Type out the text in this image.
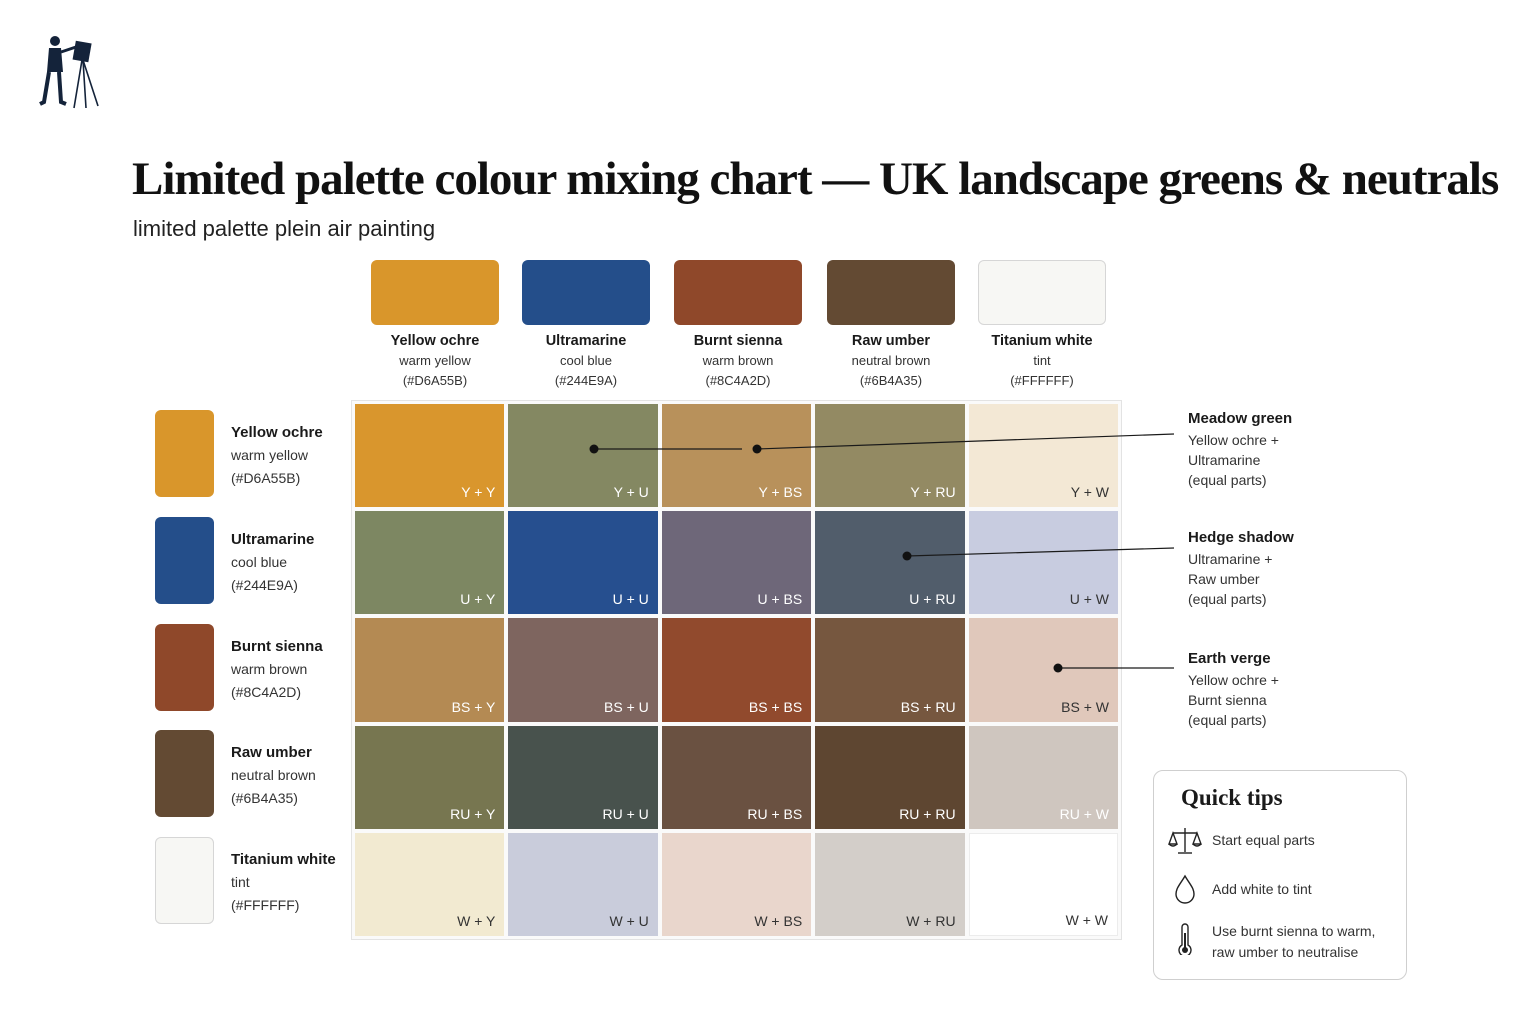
Limited palette colour mixing chart — UK landscape greens & neutrals
limited palette plein air painting
Yellow ochre
warm yellow
(#D6A55B)
Ultramarine
cool blue
(#244E9A)
Burnt sienna
warm brown
(#8C4A2D)
Raw umber
neutral brown
(#6B4A35)
Titanium white
tint
(#FFFFFF)
Yellow ochre
warm yellow
(#D6A55B)
Ultramarine
cool blue
(#244E9A)
Burnt sienna
warm brown
(#8C4A2D)
Raw umber
neutral brown
(#6B4A35)
Titanium white
tint
(#FFFFFF)
Y + Y	Y + U	Y + BS	Y + RU	Y + W
U + Y	U + U	U + BS	U + RU	U + W
BS + Y	BS + U	BS + BS	BS + RU	BS + W
RU + Y	RU + U	RU + BS	RU + RU	RU + W
W + Y	W + U	W + BS	W + RU	W + W
Meadow green
Yellow ochre +
Ultramarine
(equal parts)
Hedge shadow
Ultramarine +
Raw umber
(equal parts)
Earth verge
Yellow ochre +
Burnt sienna
(equal parts)
Quick tips
Start equal parts
Add white to tint
Use burnt sienna to warm, raw umber to neutralise
